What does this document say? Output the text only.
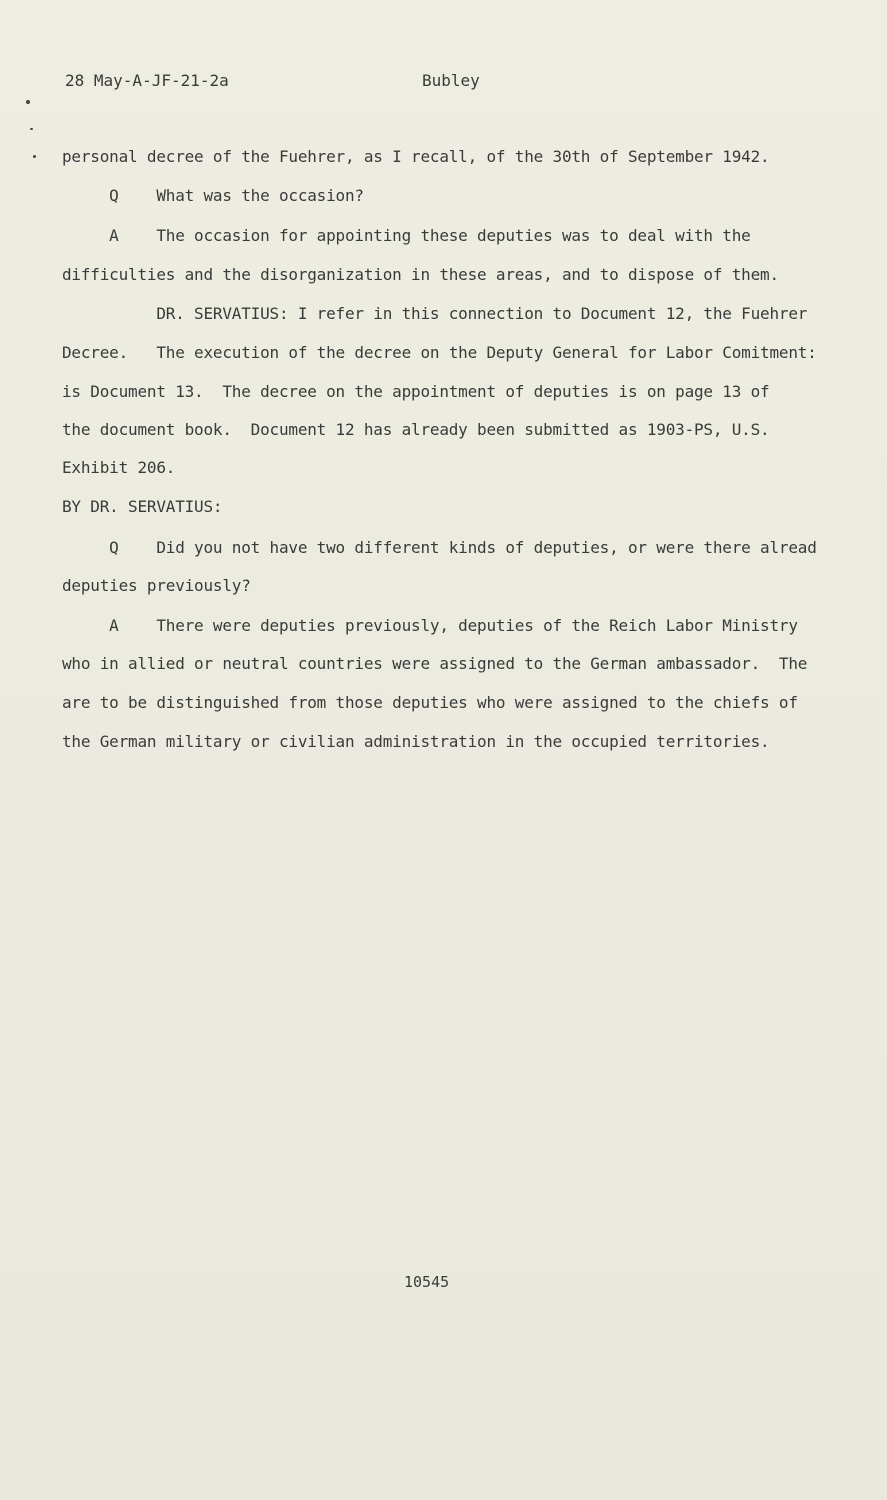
28 May-A-JF-21-2a	Bubley
personal decree of the Fuehrer, as I recall, of the 30th of September 1942.
Q    What was the occasion?
A    The occasion for appointing these deputies was to deal with the
difficulties and the disorganization in these areas, and to dispose of them.
DR. SERVATIUS: I refer in this connection to Document 12, the Fuehrer
Decree.   The execution of the decree on the Deputy General for Labor Comitment:
is Document 13.  The decree on the appointment of deputies is on page 13 of
the document book.  Document 12 has already been submitted as 1903-PS, U.S.
Exhibit 206.
BY DR. SERVATIUS:
Q    Did you not have two different kinds of deputies, or were there alread
deputies previously?
A    There were deputies previously, deputies of the Reich Labor Ministry
who in allied or neutral countries were assigned to the German ambassador.  The
are to be distinguished from those deputies who were assigned to the chiefs of
the German military or civilian administration in the occupied territories.
10545
